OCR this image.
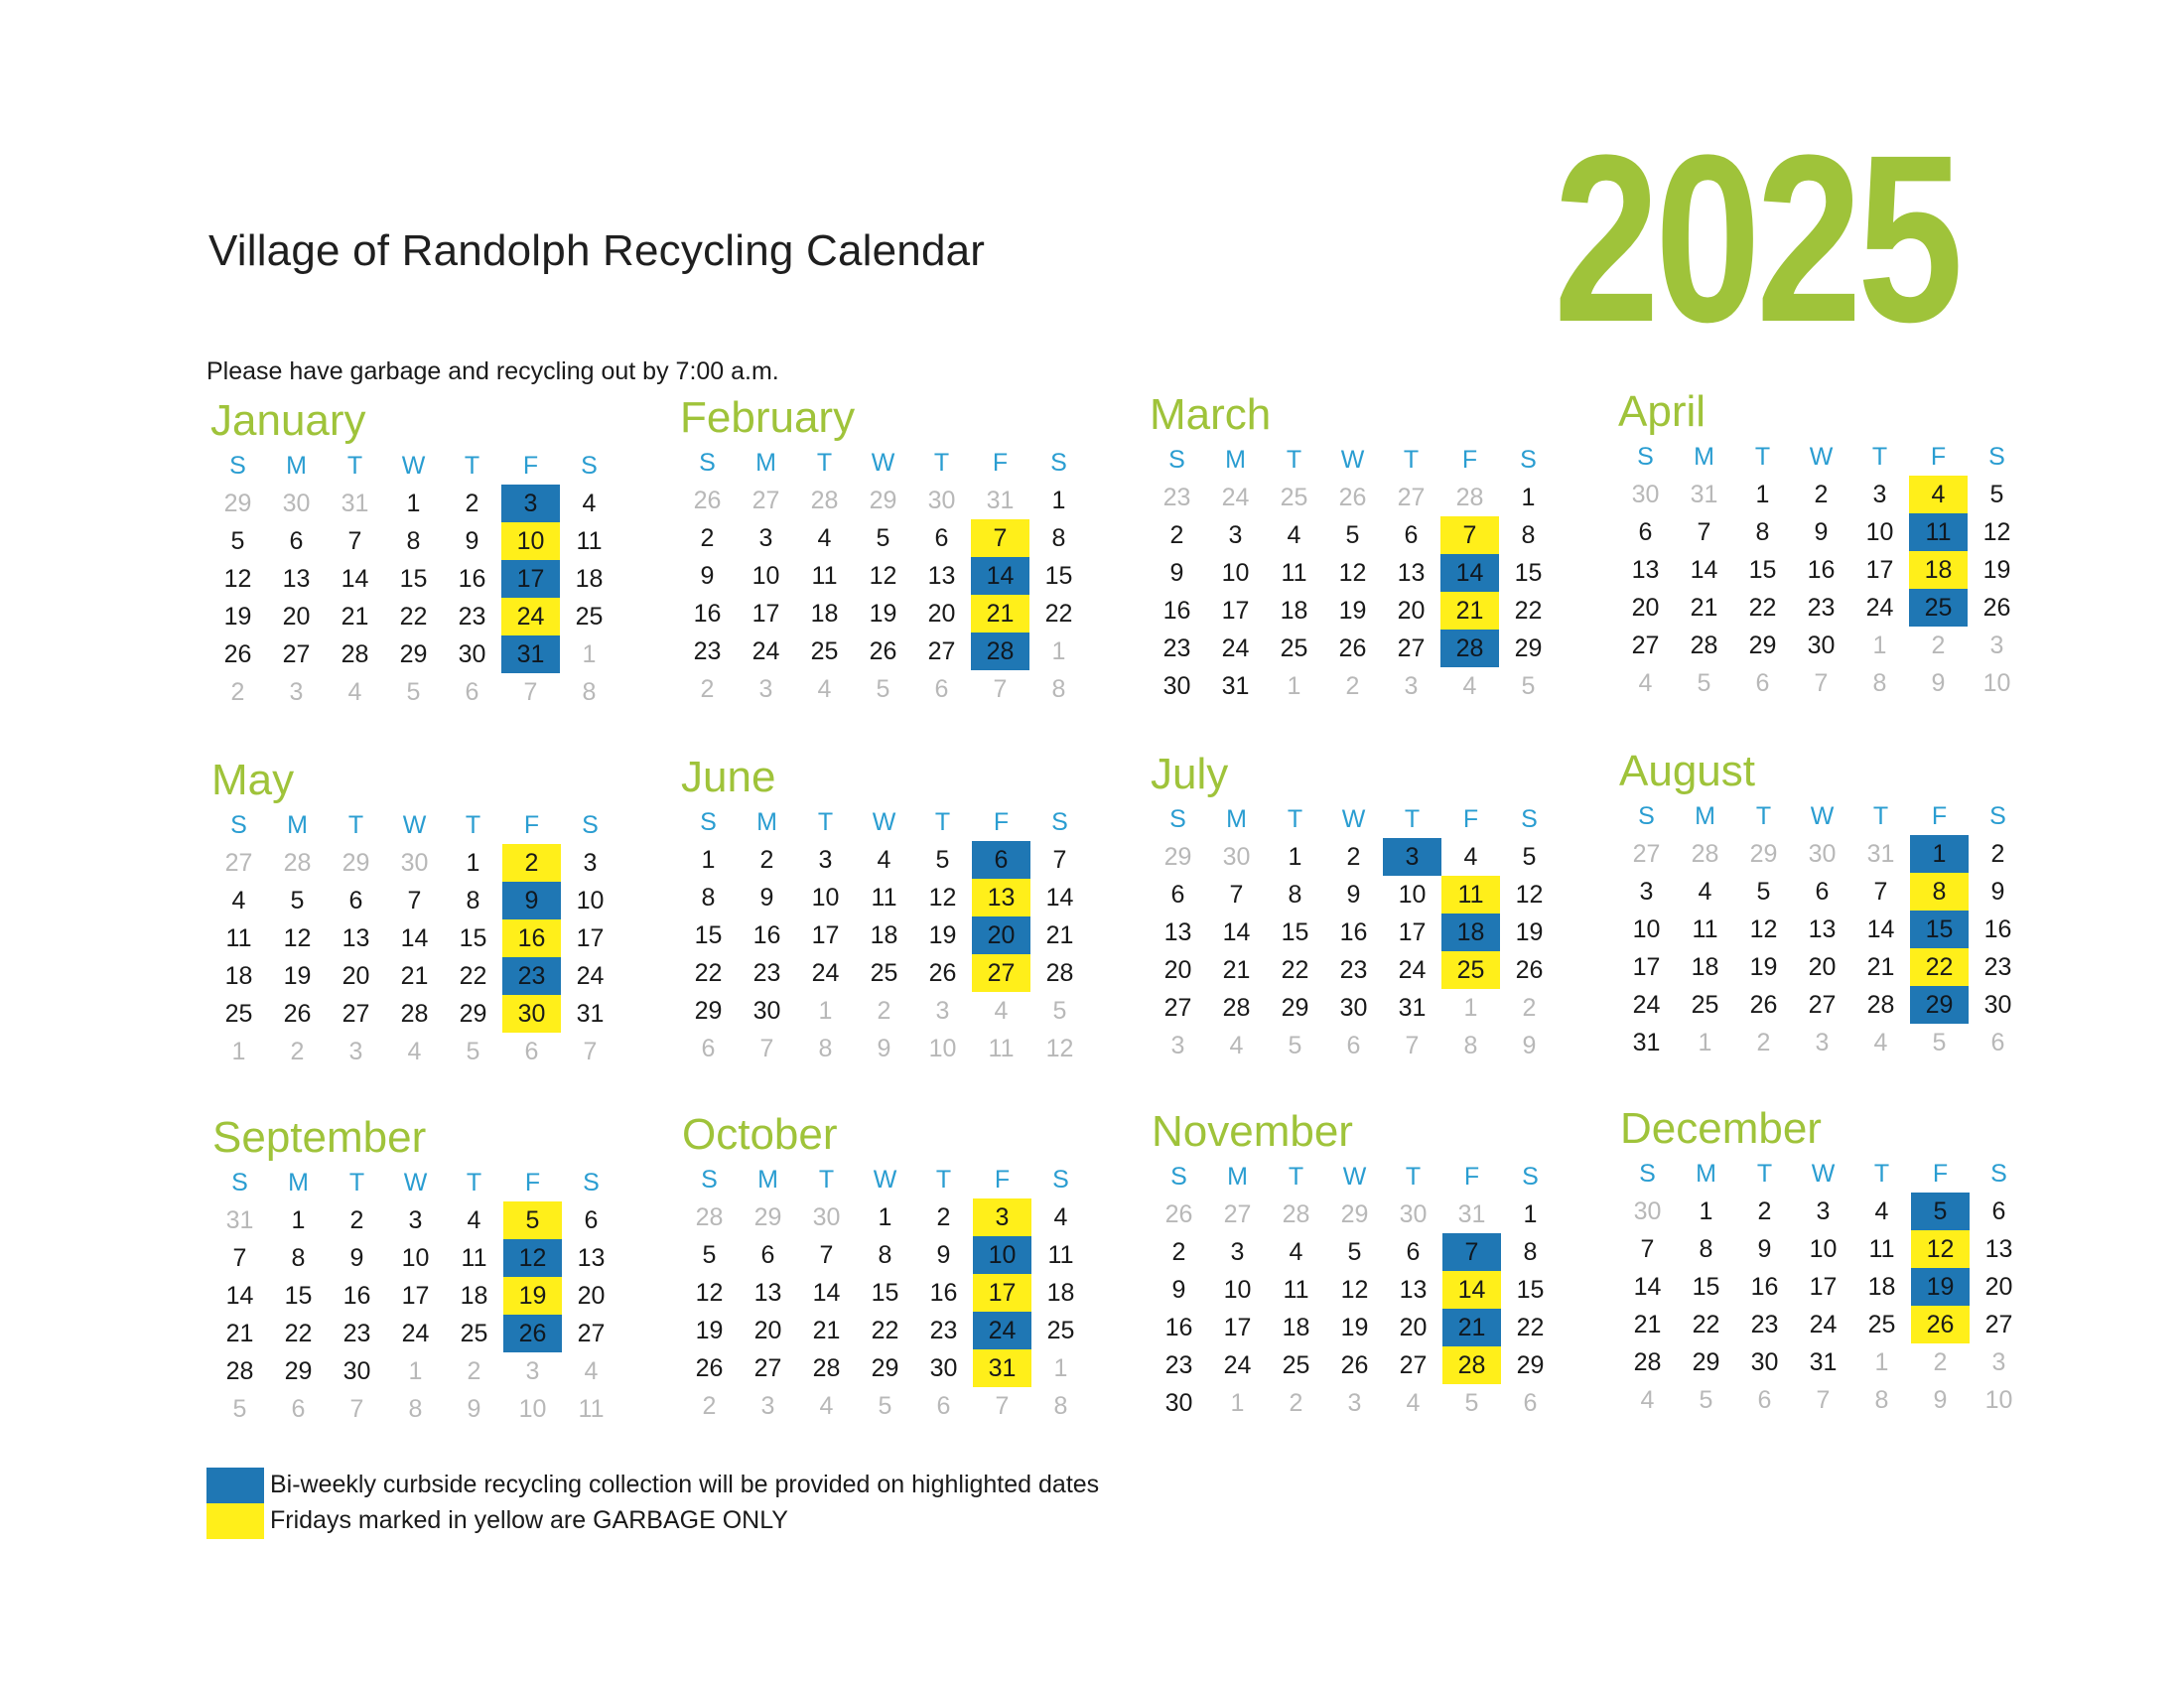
Village of Randolph Recycling Calendar 2025
Please have garbage and recycling out by 7:00 a.m.
January
S	M	T	W	T	F	S
29	30	31	1	2	3	4
5	6	7	8	9	10	11
12	13	14	15	16	17	18
19	20	21	22	23	24	25
26	27	28	29	30	31	1
2	3	4	5	6	7	8
February
S	M	T	W	T	F	S
26	27	28	29	30	31	1
2	3	4	5	6	7	8
9	10	11	12	13	14	15
16	17	18	19	20	21	22
23	24	25	26	27	28	1
2	3	4	5	6	7	8
March
S	M	T	W	T	F	S
23	24	25	26	27	28	1
2	3	4	5	6	7	8
9	10	11	12	13	14	15
16	17	18	19	20	21	22
23	24	25	26	27	28	29
30	31	1	2	3	4	5
April
S	M	T	W	T	F	S
30	31	1	2	3	4	5
6	7	8	9	10	11	12
13	14	15	16	17	18	19
20	21	22	23	24	25	26
27	28	29	30	1	2	3
4	5	6	7	8	9	10
May
S	M	T	W	T	F	S
27	28	29	30	1	2	3
4	5	6	7	8	9	10
11	12	13	14	15	16	17
18	19	20	21	22	23	24
25	26	27	28	29	30	31
1	2	3	4	5	6	7
June
S	M	T	W	T	F	S
1	2	3	4	5	6	7
8	9	10	11	12	13	14
15	16	17	18	19	20	21
22	23	24	25	26	27	28
29	30	1	2	3	4	5
6	7	8	9	10	11	12
July
S	M	T	W	T	F	S
29	30	1	2	3	4	5
6	7	8	9	10	11	12
13	14	15	16	17	18	19
20	21	22	23	24	25	26
27	28	29	30	31	1	2
3	4	5	6	7	8	9
August
S	M	T	W	T	F	S
27	28	29	30	31	1	2
3	4	5	6	7	8	9
10	11	12	13	14	15	16
17	18	19	20	21	22	23
24	25	26	27	28	29	30
31	1	2	3	4	5	6
September
S	M	T	W	T	F	S
31	1	2	3	4	5	6
7	8	9	10	11	12	13
14	15	16	17	18	19	20
21	22	23	24	25	26	27
28	29	30	1	2	3	4
5	6	7	8	9	10	11
October
S	M	T	W	T	F	S
28	29	30	1	2	3	4
5	6	7	8	9	10	11
12	13	14	15	16	17	18
19	20	21	22	23	24	25
26	27	28	29	30	31	1
2	3	4	5	6	7	8
November
S	M	T	W	T	F	S
26	27	28	29	30	31	1
2	3	4	5	6	7	8
9	10	11	12	13	14	15
16	17	18	19	20	21	22
23	24	25	26	27	28	29
30	1	2	3	4	5	6
December
S	M	T	W	T	F	S
30	1	2	3	4	5	6
7	8	9	10	11	12	13
14	15	16	17	18	19	20
21	22	23	24	25	26	27
28	29	30	31	1	2	3
4	5	6	7	8	9	10
Bi-weekly curbside recycling collection will be provided on highlighted dates
Fridays marked in yellow are GARBAGE ONLY
